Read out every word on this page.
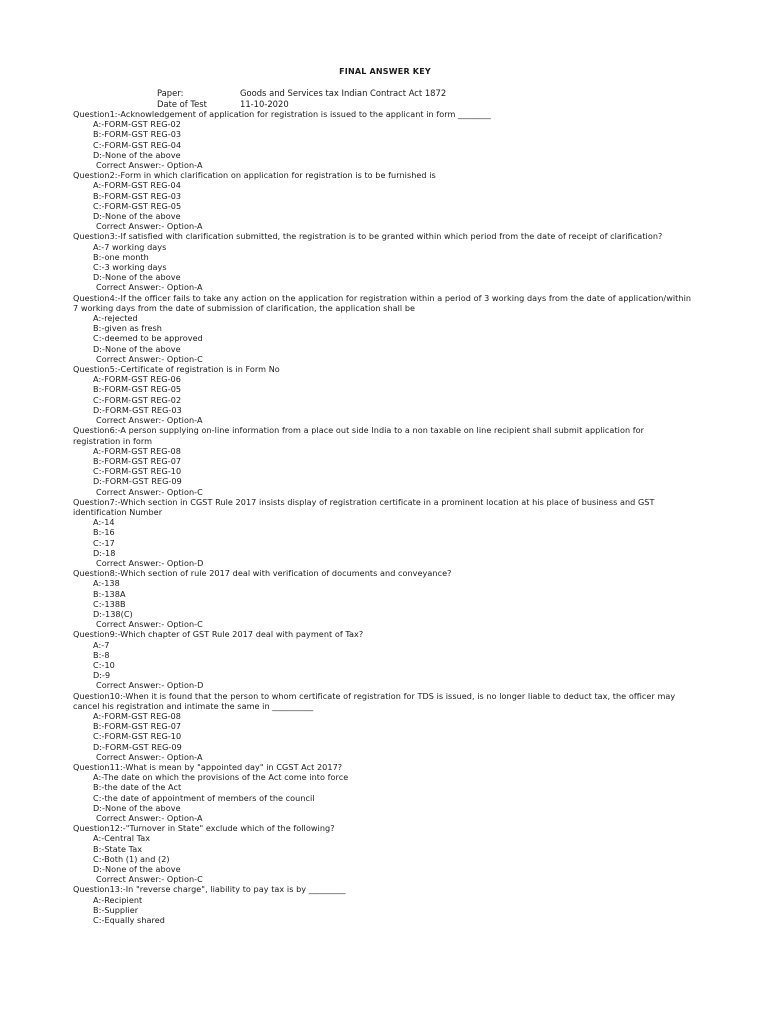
FINAL ANSWER KEY
Paper:	Goods and Services tax Indian Contract Act 1872
Date of Test	11-10-2020
Question1:-Acknowledgement of application for registration is issued to the applicant in form ________
A:-FORM-GST REG-02
B:-FORM-GST REG-03
C:-FORM-GST REG-04
D:-None of the above
Correct Answer:- Option-A
Question2:-Form in which clarification on application for registration is to be furnished is
A:-FORM-GST REG-04
B:-FORM-GST REG-03
C:-FORM-GST REG-05
D:-None of the above
Correct Answer:- Option-A
Question3:-If satisfied with clarification submitted, the registration is to be granted within which period from the date of receipt of clarification?
A:-7 working days
B:-one month
C:-3 working days
D:-None of the above
Correct Answer:- Option-A
Question4:-If the officer fails to take any action on the application for registration within a period of 3 working days from the date of application/within 7 working days from the date of submission of clarification, the application shall be
A:-rejected
B:-given as fresh
C:-deemed to be approved
D:-None of the above
Correct Answer:- Option-C
Question5:-Certificate of registration is in Form No
A:-FORM-GST REG-06
B:-FORM-GST REG-05
C:-FORM-GST REG-02
D:-FORM-GST REG-03
Correct Answer:- Option-A
Question6:-A person supplying on-line information from a place out side India to a non taxable on line recipient shall submit application for registration in form
A:-FORM-GST REG-08
B:-FORM-GST REG-07
C:-FORM-GST REG-10
D:-FORM-GST REG-09
Correct Answer:- Option-C
Question7:-Which section in CGST Rule 2017 insists display of registration certificate in a prominent location at his place of business and GST identification Number
A:-14
B:-16
C:-17
D:-18
Correct Answer:- Option-D
Question8:-Which section of rule 2017 deal with verification of documents and conveyance?
A:-138
B:-138A
C:-138B
D:-138(C)
Correct Answer:- Option-C
Question9:-Which chapter of GST Rule 2017 deal with payment of Tax?
A:-7
B:-8
C:-10
D:-9
Correct Answer:- Option-D
Question10:-When it is found that the person to whom certificate of registration for TDS is issued, is no longer liable to deduct tax, the officer may cancel his registration and intimate the same in __________
A:-FORM-GST REG-08
B:-FORM-GST REG-07
C:-FORM-GST REG-10
D:-FORM-GST REG-09
Correct Answer:- Option-A
Question11:-What is mean by "appointed day" in CGST Act 2017?
A:-The date on which the provisions of the Act come into force
B:-the date of the Act
C:-the date of appointment of members of the council
D:-None of the above
Correct Answer:- Option-A
Question12:-"Turnover in State" exclude which of the following?
A:-Central Tax
B:-State Tax
C:-Both (1) and (2)
D:-None of the above
Correct Answer:- Option-C
Question13:-In "reverse charge", liability to pay tax is by _________
A:-Recipient
B:-Supplier
C:-Equally shared
